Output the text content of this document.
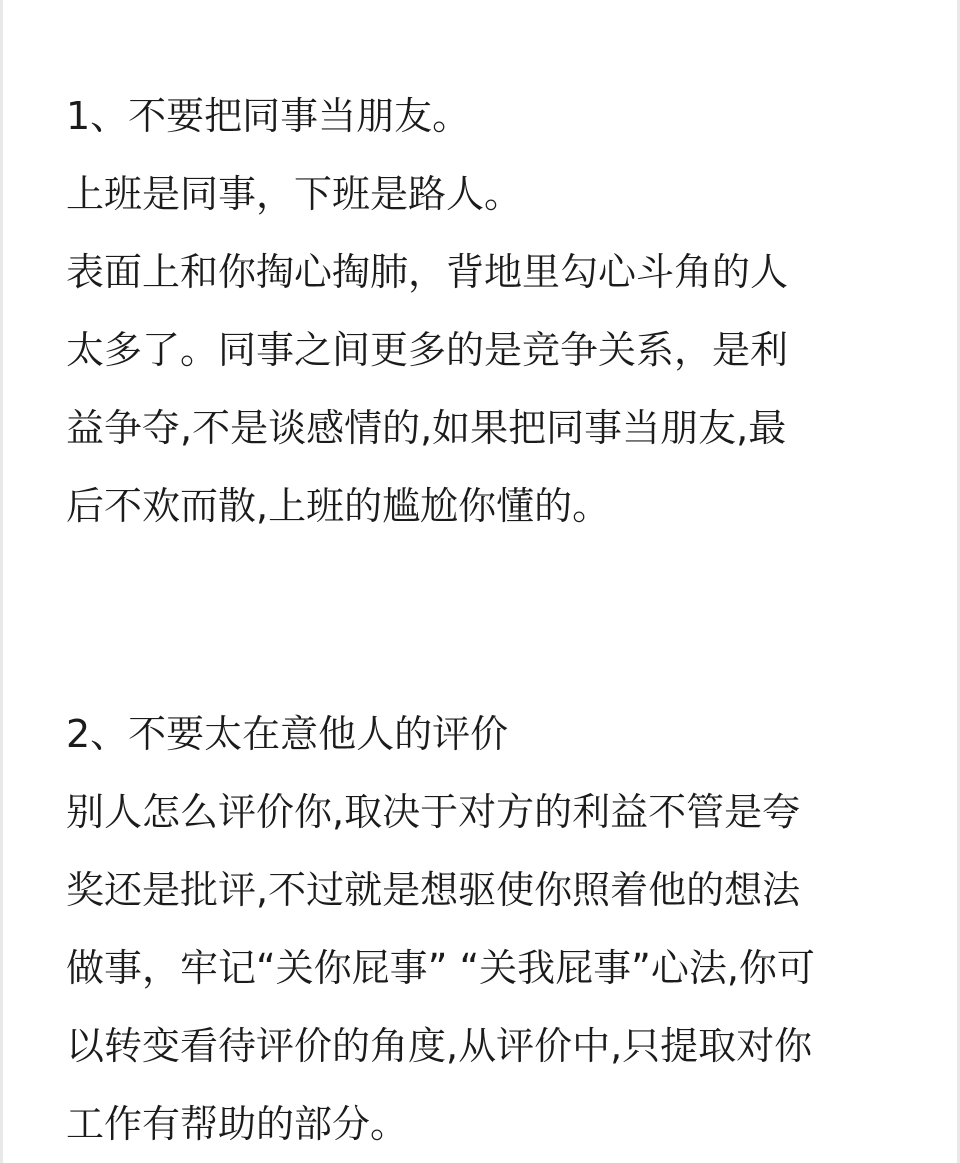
1、不要把同事当朋友。
上班是同事，下班是路人。
表面上和你掏心掏肺，背地里勾心斗角的人
太多了。同事之间更多的是竞争关系，是利
益争夺,不是谈感情的,如果把同事当朋友,最
后不欢而散,上班的尴尬你懂的。
2、不要太在意他人的评价
别人怎么评价你,取决于对方的利益不管是夸
奖还是批评,不过就是想驱使你照着他的想法
做事，牢记“关你屁事” “关我屁事”心法,你可
以转变看待评价的角度,从评价中,只提取对你
工作有帮助的部分。
